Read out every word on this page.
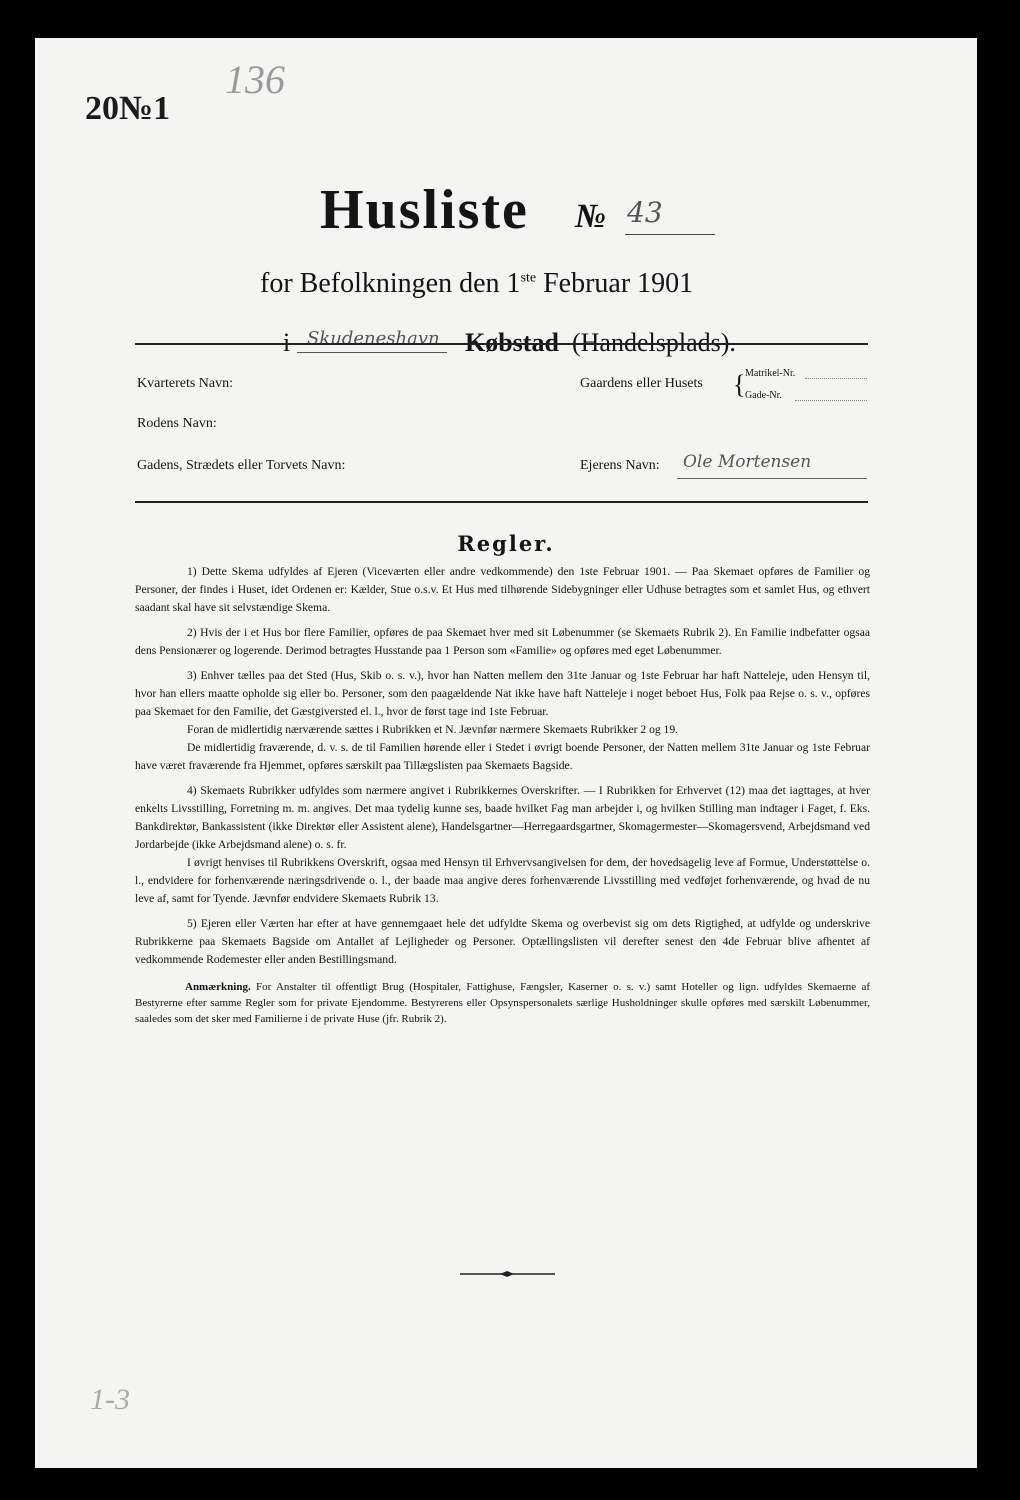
136
20№1
Husliste № 43
for Befolkningen den 1ste Februar 1901
i Skudeneshavn Købstad (Handelsplads).
Kvarterets Navn:
Rodens Navn:
Gadens, Strædets eller Torvets Navn:
Gaardens eller Husets { Matrikel-Nr.
Gade-Nr.
Ejerens Navn: Ole Mortensen
Regler.

1) Dette Skema udfyldes af Ejeren (Viceværten eller andre vedkommende) den 1ste Februar 1901. — Paa Skemaet opføres de Familier og Personer, der findes i Huset, idet Ordenen er: Kælder, Stue o.s.v. Et Hus med tilhørende Sidebygninger eller Udhuse betragtes som et samlet Hus, og ethvert saadant skal have sit selvstændige Skema.

2) Hvis der i et Hus bor flere Familier, opføres de paa Skemaet hver med sit Løbenummer (se Skemaets Rubrik 2). En Familie indbefatter ogsaa dens Pensionærer og logerende. Derimod betragtes Husstande paa 1 Person som «Familie» og opføres med eget Løbenummer.

3) Enhver tælles paa det Sted (Hus, Skib o. s. v.), hvor han Natten mellem den 31te Januar og 1ste Februar har haft Natteleje, uden Hensyn til, hvor han ellers maatte opholde sig eller bo. Personer, som den paagældende Nat ikke have haft Natteleje i noget beboet Hus, Folk paa Rejse o. s. v., opføres paa Skemaet for den Familie, det Gæstgiversted el. l., hvor de først tage ind 1ste Februar.

Foran de midlertidig nærværende sættes i Rubrikken et N. Jævnfør nærmere Skemaets Rubrikker 2 og 19.

De midlertidig fraværende, d. v. s. de til Familien hørende eller i Stedet i øvrigt boende Personer, der Natten mellem 31te Januar og 1ste Februar have været fraværende fra Hjemmet, opføres særskilt paa Tillægslisten paa Skemaets Bagside.

4) Skemaets Rubrikker udfyldes som nærmere angivet i Rubrikkernes Overskrifter. — I Rubrikken for Erhvervet (12) maa det iagttages, at hver enkelts Livsstilling, Forretning m. m. angives. Det maa tydelig kunne ses, baade hvilket Fag man arbejder i, og hvilken Stilling man indtager i Faget, f. Eks. Bankdirektør, Bankassistent (ikke Direktør eller Assistent alene), Handelsgartner—Herregaardsgartner, Skomagermester—Skomagersvend, Arbejdsmand ved Jordarbejde (ikke Arbejdsmand alene) o. s. fr.

I øvrigt henvises til Rubrikkens Overskrift, ogsaa med Hensyn til Erhvervsangivelsen for dem, der hovedsagelig leve af Formue, Understøttelse o. l., endvidere for forhenværende næringsdrivende o. l., der baade maa angive deres forhenværende Livsstilling med vedføjet forhenværende, og hvad de nu leve af, samt for Tyende. Jævnfør endvidere Skemaets Rubrik 13.

5) Ejeren eller Værten har efter at have gennemgaaet hele det udfyldte Skema og overbevist sig om dets Rigtighed, at udfylde og underskrive Rubrikkerne paa Skemaets Bagside om Antallet af Lejligheder og Personer. Optællingslisten vil derefter senest den 4de Februar blive afhentet af vedkommende Rodemester eller anden Bestillingsmand.

Anmærkning. For Anstalter til offentligt Brug (Hospitaler, Fattighuse, Fængsler, Kaserner o. s. v.) samt Hoteller og lign. udfyldes Skemaerne af Bestyrerne efter samme Regler som for private Ejendomme. Bestyrerens eller Opsynspersonalets særlige Husholdninger skulle opføres med særskilt Løbenummer, saaledes som det sker med Familierne i de private Huse (jfr. Rubrik 2).

1-3
